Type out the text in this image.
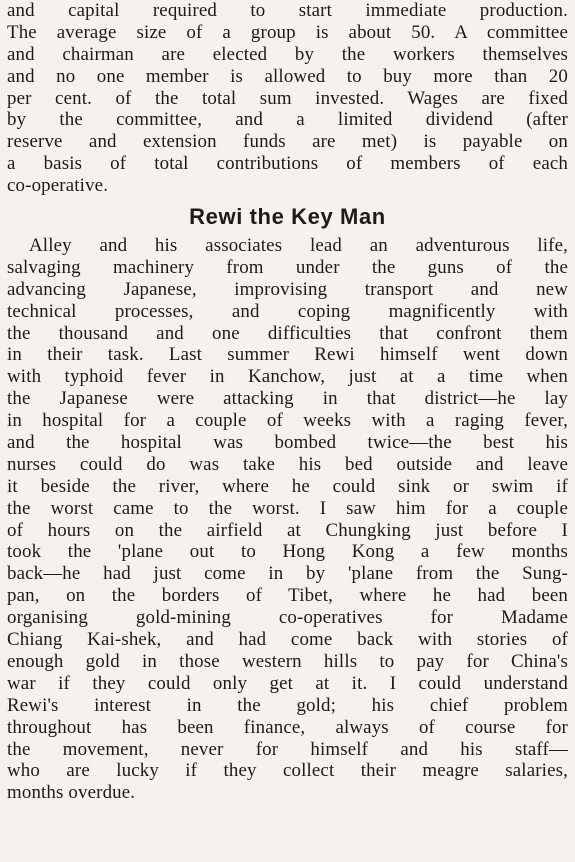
and capital required to start immediate production.
The average size of a group is about 50. A committee
and chairman are elected by the workers themselves
and no one member is allowed to buy more than 20
per cent. of the total sum invested. Wages are fixed
by the committee, and a limited dividend (after
reserve and extension funds are met) is payable on
a basis of total contributions of members of each
co-operative.
Rewi the Key Man
Alley and his associates lead an adventurous life,
salvaging machinery from under the guns of the
advancing Japanese, improvising transport and new
technical processes, and coping magnificently with
the thousand and one difficulties that confront them
in their task. Last summer Rewi himself went down
with typhoid fever in Kanchow, just at a time when
the Japanese were attacking in that district—he lay
in hospital for a couple of weeks with a raging fever,
and the hospital was bombed twice—the best his
nurses could do was take his bed outside and leave
it beside the river, where he could sink or swim if
the worst came to the worst. I saw him for a couple
of hours on the airfield at Chungking just before I
took the 'plane out to Hong Kong a few months
back—he had just come in by 'plane from the Sung-
pan, on the borders of Tibet, where he had been
organising gold-mining co-operatives for Madame
Chiang Kai-shek, and had come back with stories of
enough gold in those western hills to pay for China's
war if they could only get at it. I could understand
Rewi's interest in the gold; his chief problem
throughout has been finance, always of course for
the movement, never for himself and his staff—
who are lucky if they collect their meagre salaries,
months overdue.
